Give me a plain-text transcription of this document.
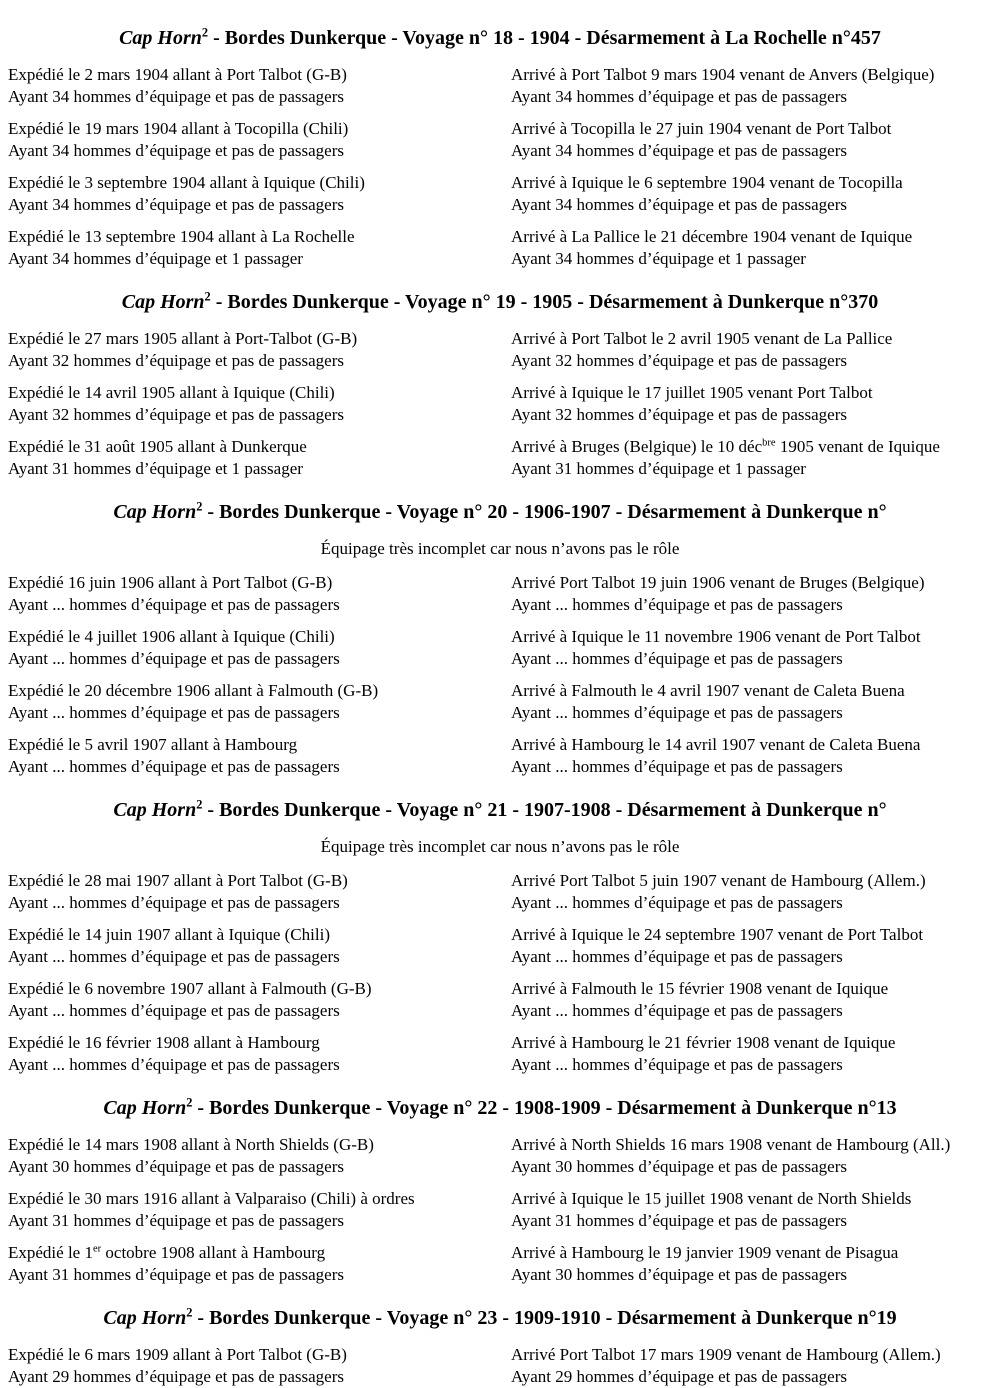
Cap Horn$^2$ - Bordes Dunkerque - Voyage n° 18 - 1904 - Désarmement à La Rochelle n°457
Expédié le 2 mars 1904 allant à Port Talbot (G-B)
Ayant 34 hommes d’équipage et pas de passagers
Arrivé à Port Talbot 9 mars 1904 venant de Anvers (Belgique)
Ayant 34 hommes d’équipage et pas de passagers
Expédié le 19 mars 1904 allant à Tocopilla (Chili)
Ayant 34 hommes d’équipage et pas de passagers
Arrivé à Tocopilla le 27 juin 1904 venant de Port Talbot
Ayant 34 hommes d’équipage et pas de passagers
Expédié le 3 septembre 1904 allant à Iquique (Chili)
Ayant 34 hommes d’équipage et pas de passagers
Arrivé à Iquique le 6 septembre 1904 venant de Tocopilla
Ayant 34 hommes d’équipage et pas de passagers
Expédié le 13 septembre 1904 allant à La Rochelle
Ayant 34 hommes d’équipage et 1 passager
Arrivé à La Pallice le 21 décembre 1904 venant de Iquique
Ayant 34 hommes d’équipage et 1 passager
Cap Horn$^2$ - Bordes Dunkerque - Voyage n° 19 - 1905 - Désarmement à Dunkerque n°370
Expédié le 27 mars 1905 allant à Port-Talbot (G-B)
Ayant 32 hommes d’équipage et pas de passagers
Arrivé à Port Talbot le 2 avril 1905 venant de La Pallice
Ayant 32 hommes d’équipage et pas de passagers
Expédié le 14 avril 1905 allant à Iquique (Chili)
Ayant 32 hommes d’équipage et pas de passagers
Arrivé à Iquique le 17 juillet 1905 venant Port Talbot
Ayant 32 hommes d’équipage et pas de passagers
Expédié le 31 août 1905 allant à Dunkerque
Ayant 31 hommes d’équipage et 1 passager
Arrivé à Bruges (Belgique) le 10 déc$^{bre}$ 1905 venant de Iquique
Ayant 31 hommes d’équipage et 1 passager
Cap Horn$^2$ - Bordes Dunkerque - Voyage n° 20 - 1906-1907 - Désarmement à Dunkerque n°

Équipage très incomplet car nous n’avons pas le rôle

Expédié 16 juin 1906 allant à Port Talbot (G-B)
Ayant ... hommes d’équipage et pas de passagers
Arrivé Port Talbot 19 juin 1906 venant de Bruges (Belgique)
Ayant ... hommes d’équipage et pas de passagers
Expédié le 4 juillet 1906 allant à Iquique (Chili)
Ayant ... hommes d’équipage et pas de passagers
Arrivé à Iquique le 11 novembre 1906 venant de Port Talbot
Ayant ... hommes d’équipage et pas de passagers
Expédié le 20 décembre 1906 allant à Falmouth (G-B)
Ayant ... hommes d’équipage et pas de passagers
Arrivé à Falmouth le 4 avril 1907 venant de Caleta Buena
Ayant ... hommes d’équipage et pas de passagers
Expédié le 5 avril 1907 allant à Hambourg
Ayant ... hommes d’équipage et pas de passagers
Arrivé à Hambourg le 14 avril 1907 venant de Caleta Buena
Ayant ... hommes d’équipage et pas de passagers
Cap Horn$^2$ - Bordes Dunkerque - Voyage n° 21 - 1907-1908 - Désarmement à Dunkerque n°

Équipage très incomplet car nous n’avons pas le rôle

Expédié le 28 mai 1907 allant à Port Talbot (G-B)
Ayant ... hommes d’équipage et pas de passagers
Arrivé Port Talbot 5 juin 1907 venant de Hambourg (Allem.)
Ayant ... hommes d’équipage et pas de passagers
Expédié le 14 juin 1907 allant à Iquique (Chili)
Ayant ... hommes d’équipage et pas de passagers
Arrivé à Iquique le 24 septembre 1907 venant de Port Talbot
Ayant ... hommes d’équipage et pas de passagers
Expédié le 6 novembre 1907 allant à Falmouth (G-B)
Ayant ... hommes d’équipage et pas de passagers
Arrivé à Falmouth le 15 février 1908 venant de Iquique
Ayant ... hommes d’équipage et pas de passagers
Expédié le 16 février 1908 allant à Hambourg
Ayant ... hommes d’équipage et pas de passagers
Arrivé à Hambourg le 21 février 1908 venant de Iquique
Ayant ... hommes d’équipage et pas de passagers
Cap Horn$^2$ - Bordes Dunkerque - Voyage n° 22 - 1908-1909 - Désarmement à Dunkerque n°13
Expédié le 14 mars 1908 allant à North Shields (G-B)
Ayant 30 hommes d’équipage et pas de passagers
Arrivé à North Shields 16 mars 1908 venant de Hambourg (All.)
Ayant 30 hommes d’équipage et pas de passagers
Expédié le 30 mars 1916 allant à Valparaiso (Chili) à ordres
Ayant 31 hommes d’équipage et pas de passagers
Arrivé à Iquique le 15 juillet 1908 venant de North Shields
Ayant 31 hommes d’équipage et pas de passagers
Expédié le 1er octobre 1908 allant à Hambourg
Ayant 31 hommes d’équipage et pas de passagers
Arrivé à Hambourg le 19 janvier 1909 venant de Pisagua
Ayant 30 hommes d’équipage et pas de passagers
Cap Horn$^2$ - Bordes Dunkerque - Voyage n° 23 - 1909-1910 - Désarmement à Dunkerque n°19
Expédié le 6 mars 1909 allant à Port Talbot (G-B)
Ayant 29 hommes d’équipage et pas de passagers
Arrivé Port Talbot 17 mars 1909 venant de Hambourg (Allem.)
Ayant 29 hommes d’équipage et pas de passagers
